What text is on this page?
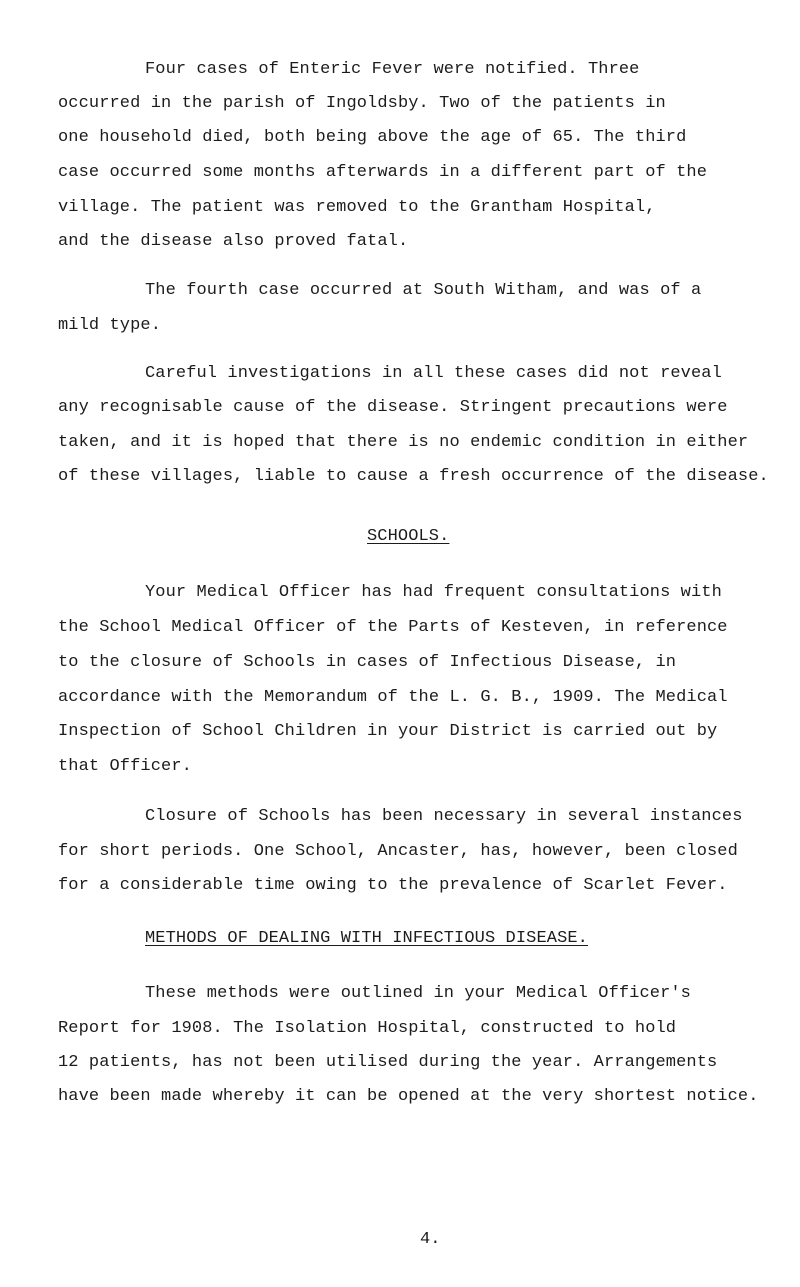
Four cases of Enteric Fever were notified. Three
occurred in the parish of Ingoldsby. Two of the patients in
one household died, both being above the age of 65. The third
case occurred some months afterwards in a different part of the
village. The patient was removed to the Grantham Hospital,
and the disease also proved fatal.
The fourth case occurred at South Witham, and was of a
mild type.
Careful investigations in all these cases did not reveal
any recognisable cause of the disease. Stringent precautions were
taken, and it is hoped that there is no endemic condition in either
of these villages, liable to cause a fresh occurrence of the disease.
SCHOOLS.
Your Medical Officer has had frequent consultations with
the School Medical Officer of the Parts of Kesteven, in reference
to the closure of Schools in cases of Infectious Disease, in
accordance with the Memorandum of the L. G. B., 1909. The Medical
Inspection of School Children in your District is carried out by
that Officer.
Closure of Schools has been necessary in several instances
for short periods. One School, Ancaster, has, however, been closed
for a considerable time owing to the prevalence of Scarlet Fever.
METHODS OF DEALING WITH INFECTIOUS DISEASE.
These methods were outlined in your Medical Officer's
Report for 1908. The Isolation Hospital, constructed to hold
12 patients, has not been utilised during the year. Arrangements
have been made whereby it can be opened at the very shortest notice.
4.
